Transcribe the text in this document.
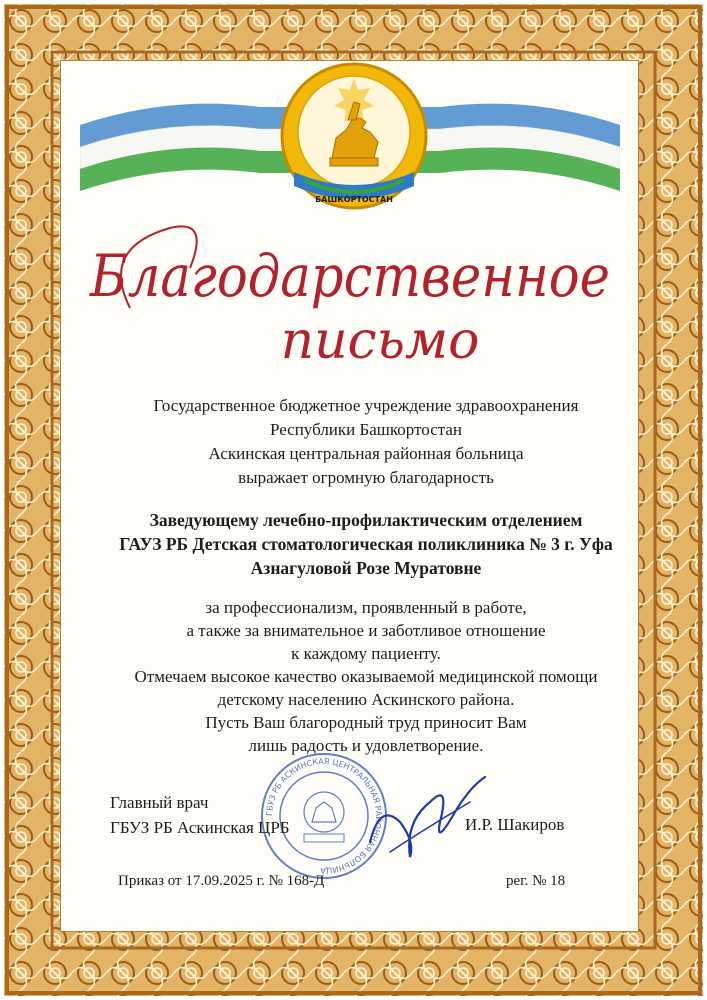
БАШКОРТОСТАН
Благодарственное
письмо
Государственное бюджетное учреждение здравоохранения
Республики Башкортостан
Аскинская центральная районная больница
выражает огромную благодарность
Заведующему лечебно-профилактическим отделением
ГАУЗ РБ Детская стоматологическая поликлиника № 3 г. Уфа
Азнагуловой Розе Муратовне
за профессионализм, проявленный в работе,
а также за внимательное и заботливое отношение
к каждому пациенту.
Отмечаем высокое качество оказываемой медицинской помощи
детскому населению Аскинского района.
Пусть Ваш благородный труд приносит Вам
лишь радость и удовлетворение.
ГБУЗ РБ АСКИНСКАЯ ЦЕНТРАЛЬНАЯ РАЙОННАЯ БОЛЬНИЦА
Главный врач
ГБУЗ РБ Аскинская ЦРБ	И.Р. Шакиров
Приказ от 17.09.2025 г. № 168-Д	рег. № 18
